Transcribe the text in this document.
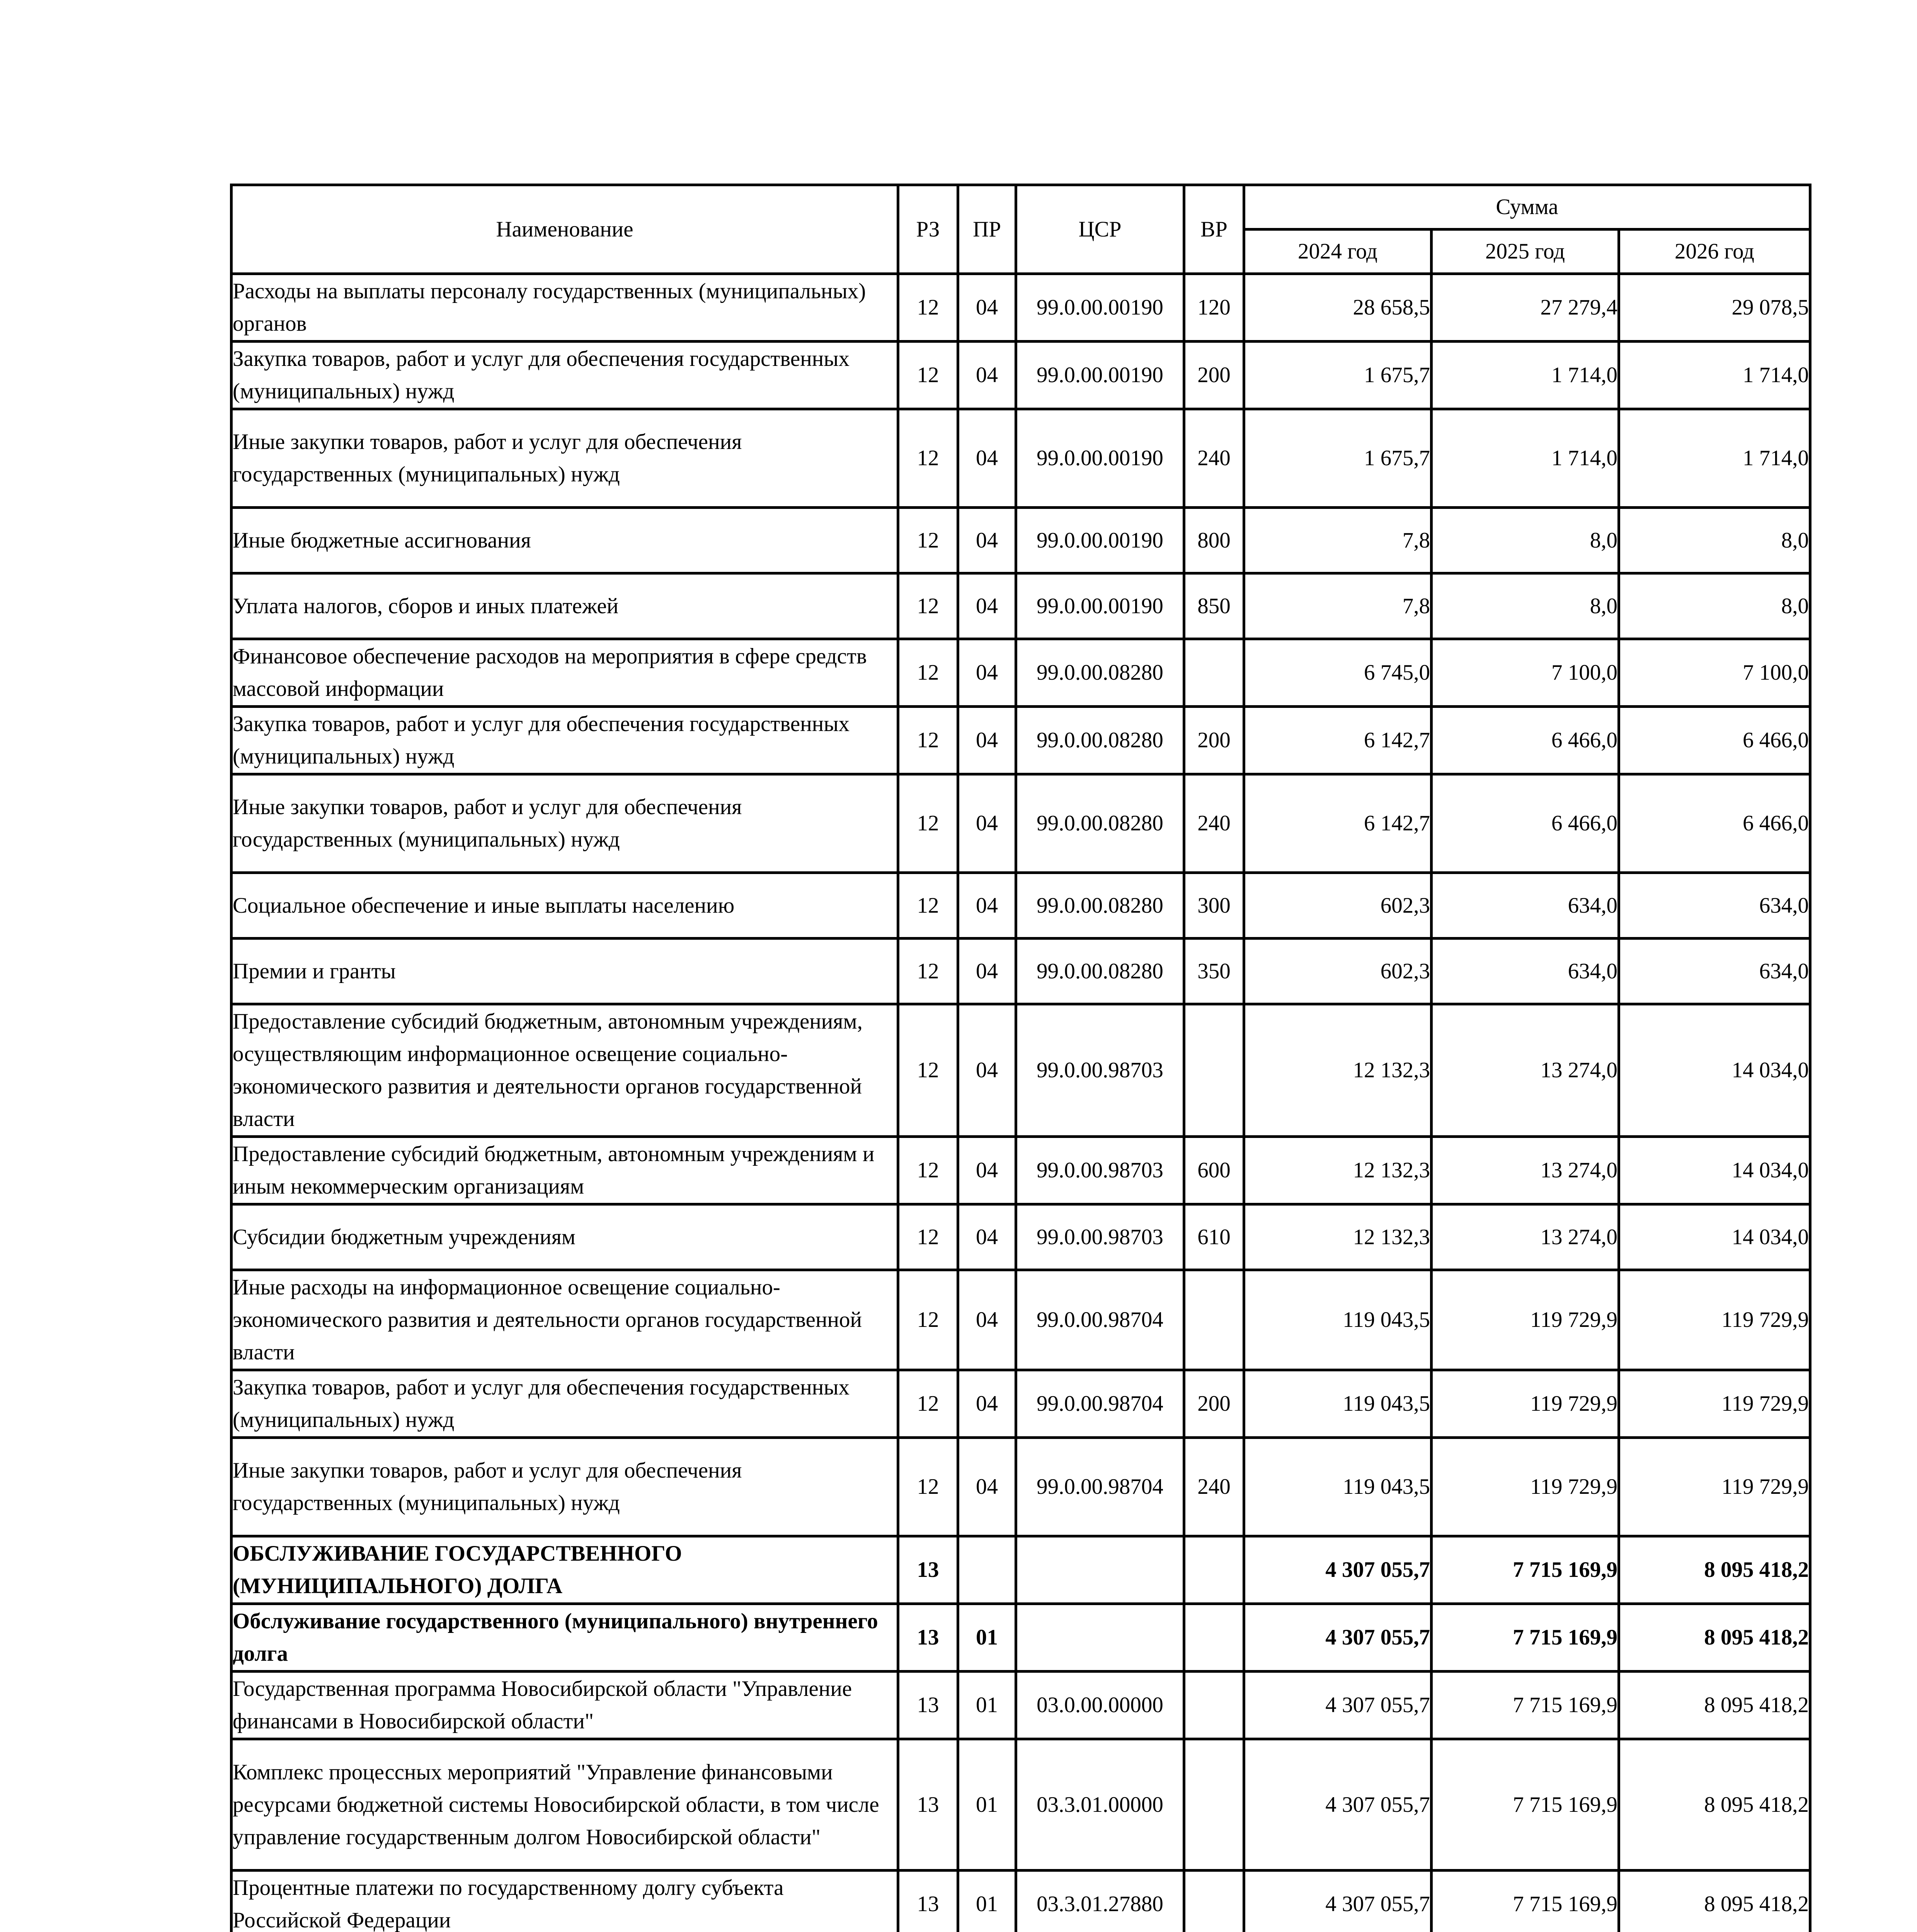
Наименование	РЗ	ПР	ЦСР	ВР	Сумма		
					2024 год	2025 год	2026 год
Расходы на выплаты персоналу государственных (муниципальных) органов	12	04	99.0.00.00190	120	28 658,5	27 279,4	29 078,5
Закупка товаров, работ и услуг для обеспечения государственных (муниципальных) нужд	12	04	99.0.00.00190	200	1 675,7	1 714,0	1 714,0
Иные закупки товаров, работ и услуг для обеспечения государственных (муниципальных) нужд	12	04	99.0.00.00190	240	1 675,7	1 714,0	1 714,0
Иные бюджетные ассигнования	12	04	99.0.00.00190	800	7,8	8,0	8,0
Уплата налогов, сборов и иных платежей	12	04	99.0.00.00190	850	7,8	8,0	8,0
Финансовое обеспечение расходов на мероприятия в сфере средств массовой информации	12	04	99.0.00.08280		6 745,0	7 100,0	7 100,0
Закупка товаров, работ и услуг для обеспечения государственных (муниципальных) нужд	12	04	99.0.00.08280	200	6 142,7	6 466,0	6 466,0
Иные закупки товаров, работ и услуг для обеспечения государственных (муниципальных) нужд	12	04	99.0.00.08280	240	6 142,7	6 466,0	6 466,0
Социальное обеспечение и иные выплаты населению	12	04	99.0.00.08280	300	602,3	634,0	634,0
Премии и гранты	12	04	99.0.00.08280	350	602,3	634,0	634,0
Предоставление субсидий бюджетным, автономным учреждениям, осуществляющим информационное освещение социально-экономического развития и деятельности органов государственной власти	12	04	99.0.00.98703		12 132,3	13 274,0	14 034,0
Предоставление субсидий бюджетным, автономным учреждениям и иным некоммерческим организациям	12	04	99.0.00.98703	600	12 132,3	13 274,0	14 034,0
Субсидии бюджетным учреждениям	12	04	99.0.00.98703	610	12 132,3	13 274,0	14 034,0
Иные расходы на информационное освещение социально-экономического развития и деятельности органов государственной власти	12	04	99.0.00.98704		119 043,5	119 729,9	119 729,9
Закупка товаров, работ и услуг для обеспечения государственных (муниципальных) нужд	12	04	99.0.00.98704	200	119 043,5	119 729,9	119 729,9
Иные закупки товаров, работ и услуг для обеспечения государственных (муниципальных) нужд	12	04	99.0.00.98704	240	119 043,5	119 729,9	119 729,9
ОБСЛУЖИВАНИЕ ГОСУДАРСТВЕННОГО (МУНИЦИПАЛЬНОГО) ДОЛГА	13				4 307 055,7	7 715 169,9	8 095 418,2
Обслуживание государственного (муниципального) внутреннего долга	13	01			4 307 055,7	7 715 169,9	8 095 418,2
Государственная программа Новосибирской области "Управление финансами в Новосибирской области"	13	01	03.0.00.00000		4 307 055,7	7 715 169,9	8 095 418,2
Комплекс процессных мероприятий "Управление финансовыми ресурсами бюджетной системы Новосибирской области, в том числе управление государственным долгом Новосибирской области"	13	01	03.3.01.00000		4 307 055,7	7 715 169,9	8 095 418,2
Процентные платежи по государственному долгу субъекта Российской Федерации	13	01	03.3.01.27880		4 307 055,7	7 715 169,9	8 095 418,2
